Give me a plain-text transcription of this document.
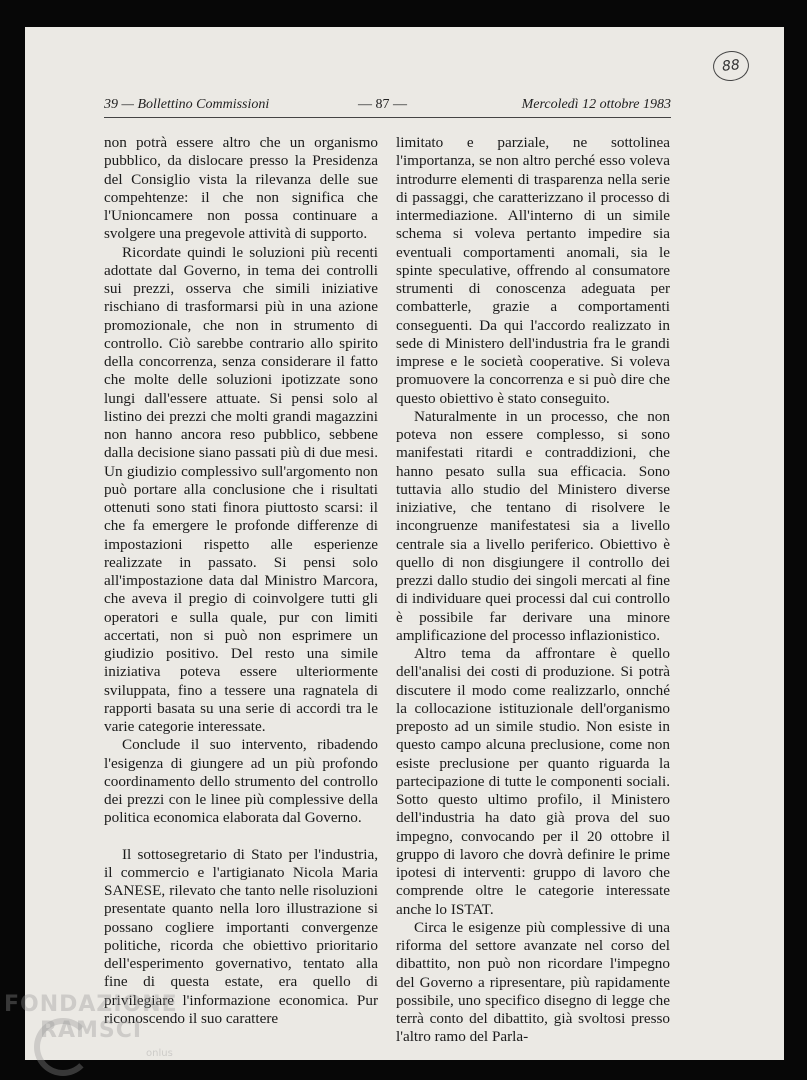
88
39 — Bollettino Commissioni	— 87 —	Mercoledì 12 ottobre 1983

non potrà essere altro che un organismo pubblico, da dislocare presso la Presidenza del Consiglio vista la rilevanza delle sue compehtenze: il che non significa che l'Unioncamere non possa continuare a svolgere una pregevole attività di supporto.

Ricordate quindi le soluzioni più recenti adottate dal Governo, in tema dei controlli sui prezzi, osserva che simili iniziative rischiano di trasformarsi più in una azione promozionale, che non in strumento di controllo. Ciò sarebbe contrario allo spirito della concorrenza, senza considerare il fatto che molte delle soluzioni ipotizzate sono lungi dall'essere attuate. Si pensi solo al listino dei prezzi che molti grandi magazzini non hanno ancora reso pubblico, sebbene dalla decisione siano passati più di due mesi. Un giudizio complessivo sull'argomento non può portare alla conclusione che i risultati ottenuti sono stati finora piuttosto scarsi: il che fa emergere le profonde differenze di impostazioni rispetto alle esperienze realizzate in passato. Si pensi solo all'impostazione data dal Ministro Marcora, che aveva il pregio di coinvolgere tutti gli operatori e sulla quale, pur con limiti accertati, non si può non esprimere un giudizio positivo. Del resto una simile iniziativa poteva essere ulteriormente sviluppata, fino a tessere una ragnatela di rapporti basata su una serie di accordi tra le varie categorie interessate.

Conclude il suo intervento, ribadendo l'esigenza di giungere ad un più profondo coordinamento dello strumento del controllo dei prezzi con le linee più complessive della politica economica elaborata dal Governo.

Il sottosegretario di Stato per l'industria, il commercio e l'artigianato Nicola Maria SANESE, rilevato che tanto nelle risoluzioni presentate quanto nella loro illustrazione si possano cogliere importanti convergenze politiche, ricorda che obiettivo prioritario dell'esperimento governativo, tentato alla fine di questa estate, era quello di privilegiare l'informazione economica. Pur riconoscendo il suo carattere

limitato e parziale, ne sottolinea l'importanza, se non altro perché esso voleva introdurre elementi di trasparenza nella serie di passaggi, che caratterizzano il processo di intermediazione. All'interno di un simile schema si voleva pertanto impedire sia eventuali comportamenti anomali, sia le spinte speculative, offrendo al consumatore strumenti di conoscenza adeguata per combatterle, grazie a comportamenti conseguenti. Da qui l'accordo realizzato in sede di Ministero dell'industria fra le grandi imprese e le società cooperative. Si voleva promuovere la concorrenza e si può dire che questo obiettivo è stato conseguito.

Naturalmente in un processo, che non poteva non essere complesso, si sono manifestati ritardi e contraddizioni, che hanno pesato sulla sua efficacia. Sono tuttavia allo studio del Ministero diverse iniziative, che tentano di risolvere le incongruenze manifestatesi sia a livello centrale sia a livello periferico. Obiettivo è quello di non disgiungere il controllo dei prezzi dallo studio dei singoli mercati al fine di individuare quei processi dal cui controllo è possibile far derivare una minore amplificazione del processo inflazionistico.

Altro tema da affrontare è quello dell'analisi dei costi di produzione. Si potrà discutere il modo come realizzarlo, onnché la collocazione istituzionale dell'organismo preposto ad un simile studio. Non esiste in questo campo alcuna preclusione, come non esiste preclusione per quanto riguarda la partecipazione di tutte le componenti sociali. Sotto questo ultimo profilo, il Ministero dell'industria ha dato già prova del suo impegno, convocando per il 20 ottobre il gruppo di lavoro che dovrà definire le prime ipotesi di interventi: gruppo di lavoro che comprende oltre le categorie interessate anche lo ISTAT.

Circa le esigenze più complessive di una riforma del settore avanzate nel corso del dibattito, non può non ricordare l'impegno del Governo a ripresentare, più rapidamente possibile, uno specifico disegno di legge che terrà conto del dibattito, già svoltosi presso l'altro ramo del Parla-

FONDAZIONE
RAMSCI
onlus
